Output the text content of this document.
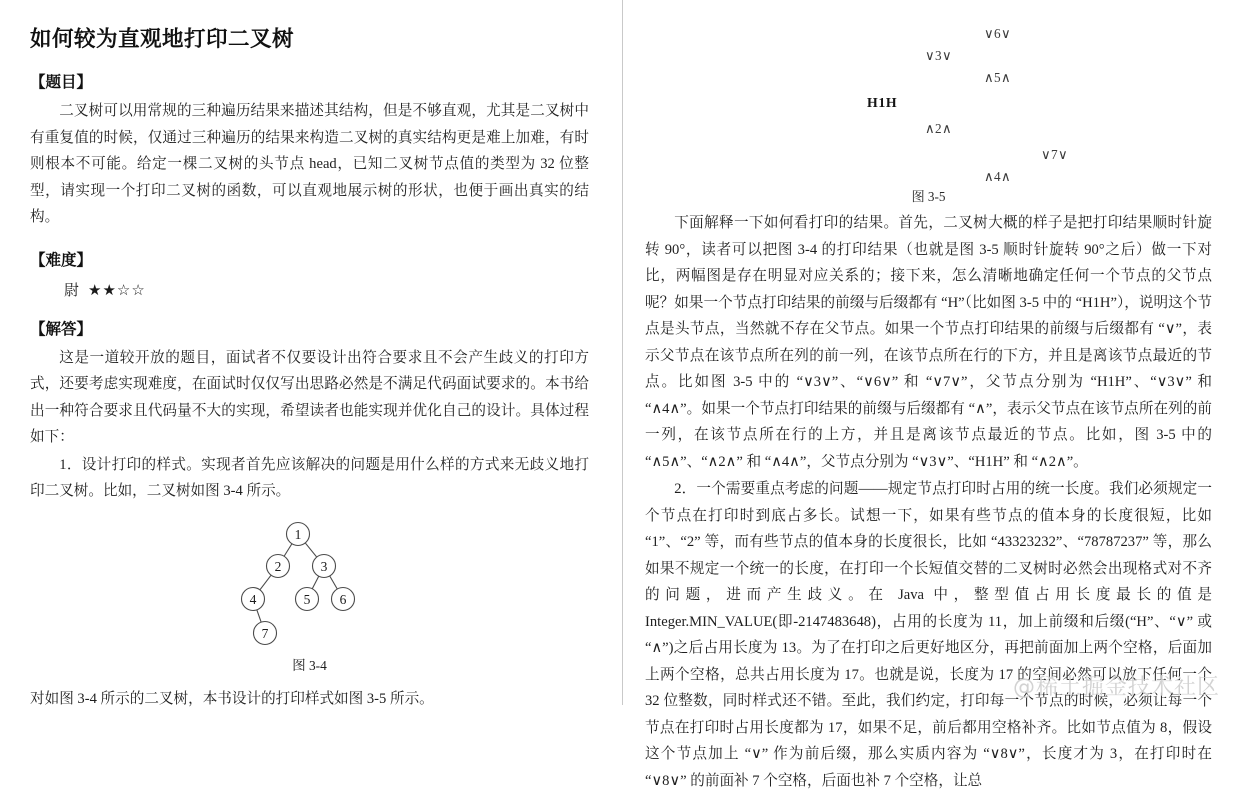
如何较为直观地打印二叉树
【题目】

二叉树可以用常规的三种遍历结果来描述其结构，但是不够直观，尤其是二叉树中有重复值的时候，仅通过三种遍历的结果来构造二叉树的真实结构更是难上加难，有时则根本不可能。给定一棵二叉树的头节点 head，已知二叉树节点值的类型为 32 位整型，请实现一个打印二叉树的函数，可以直观地展示树的形状，也便于画出真实的结构。

【难度】
尉 ★★☆☆
【解答】

这是一道较开放的题目，面试者不仅要设计出符合要求且不会产生歧义的打印方式，还要考虑实现难度，在面试时仅仅写出思路必然是不满足代码面试要求的。本书给出一种符合要求且代码量不大的实现，希望读者也能实现并优化自己的设计。具体过程如下：

1．设计打印的样式。实现者首先应该解决的问题是用什么样的方式来无歧义地打印二叉树。比如，二叉树如图 3-4 所示。

1
2	3
4	5 6
7
图 3-4

对如图 3-4 所示的二叉树，本书设计的打印样式如图 3-5 所示。

图 3-5
∨6∨
∨3∨
∧5∧
H1H
∧2∧
∨7∨
∧4∧

下面解释一下如何看打印的结果。首先，二叉树大概的样子是把打印结果顺时针旋转 90°，读者可以把图 3-4 的打印结果（也就是图 3-5 顺时针旋转 90°之后）做一下对比，两幅图是存在明显对应关系的；接下来，怎么清晰地确定任何一个节点的父节点呢？如果一个节点打印结果的前缀与后缀都有 “H”（比如图 3-5 中的 “H1H”），说明这个节点是头节点，当然就不存在父节点。如果一个节点打印结果的前缀与后缀都有 “∨”，表示父节点在该节点所在列的前一列，在该节点所在行的下方，并且是离该节点最近的节点。比如图 3-5 中的 “∨3∨”、“∨6∨” 和 “∨7∨”，父节点分别为 “H1H”、“∨3∨” 和 “∧4∧”。如果一个节点打印结果的前缀与后缀都有 “∧”，表示父节点在该节点所在列的前一列，在该节点所在行的上方，并且是离该节点最近的节点。比如，图 3-5 中的 “∧5∧”、“∧2∧” 和 “∧4∧”，父节点分别为 “∨3∨”、“H1H” 和 “∧2∧”。

2．一个需要重点考虑的问题——规定节点打印时占用的统一长度。我们必须规定一个节点在打印时到底占多长。试想一下，如果有些节点的值本身的长度很短，比如 “1”、“2” 等，而有些节点的值本身的长度很长，比如 “43323232”、“78787237” 等，那么如果不规定一个统一的长度，在打印一个长短值交替的二叉树时必然会出现格式对不齐的问题，进而产生歧义。在 Java 中，整型值占用长度最长的值是 Integer.MIN_VALUE(即-2147483648)，占用的长度为 11，加上前缀和后缀(“H”、“∨” 或 “∧”)之后占用长度为 13。为了在打印之后更好地区分，再把前面加上两个空格，后面加上两个空格，总共占用长度为 17。也就是说，长度为 17 的空间必然可以放下任何一个 32 位整数，同时样式还不错。至此，我们约定，打印每一个节点的时候，必须让每一个节点在打印时占用长度都为 17，如果不足，前后都用空格补齐。比如节点值为 8，假设这个节点加上 “∨” 作为前后缀，那么实质内容为 “∨8∨”，长度才为 3，在打印时在 “∨8∨” 的前面补 7 个空格，后面也补 7 个空格，让总

@稀土掘金技术社区
